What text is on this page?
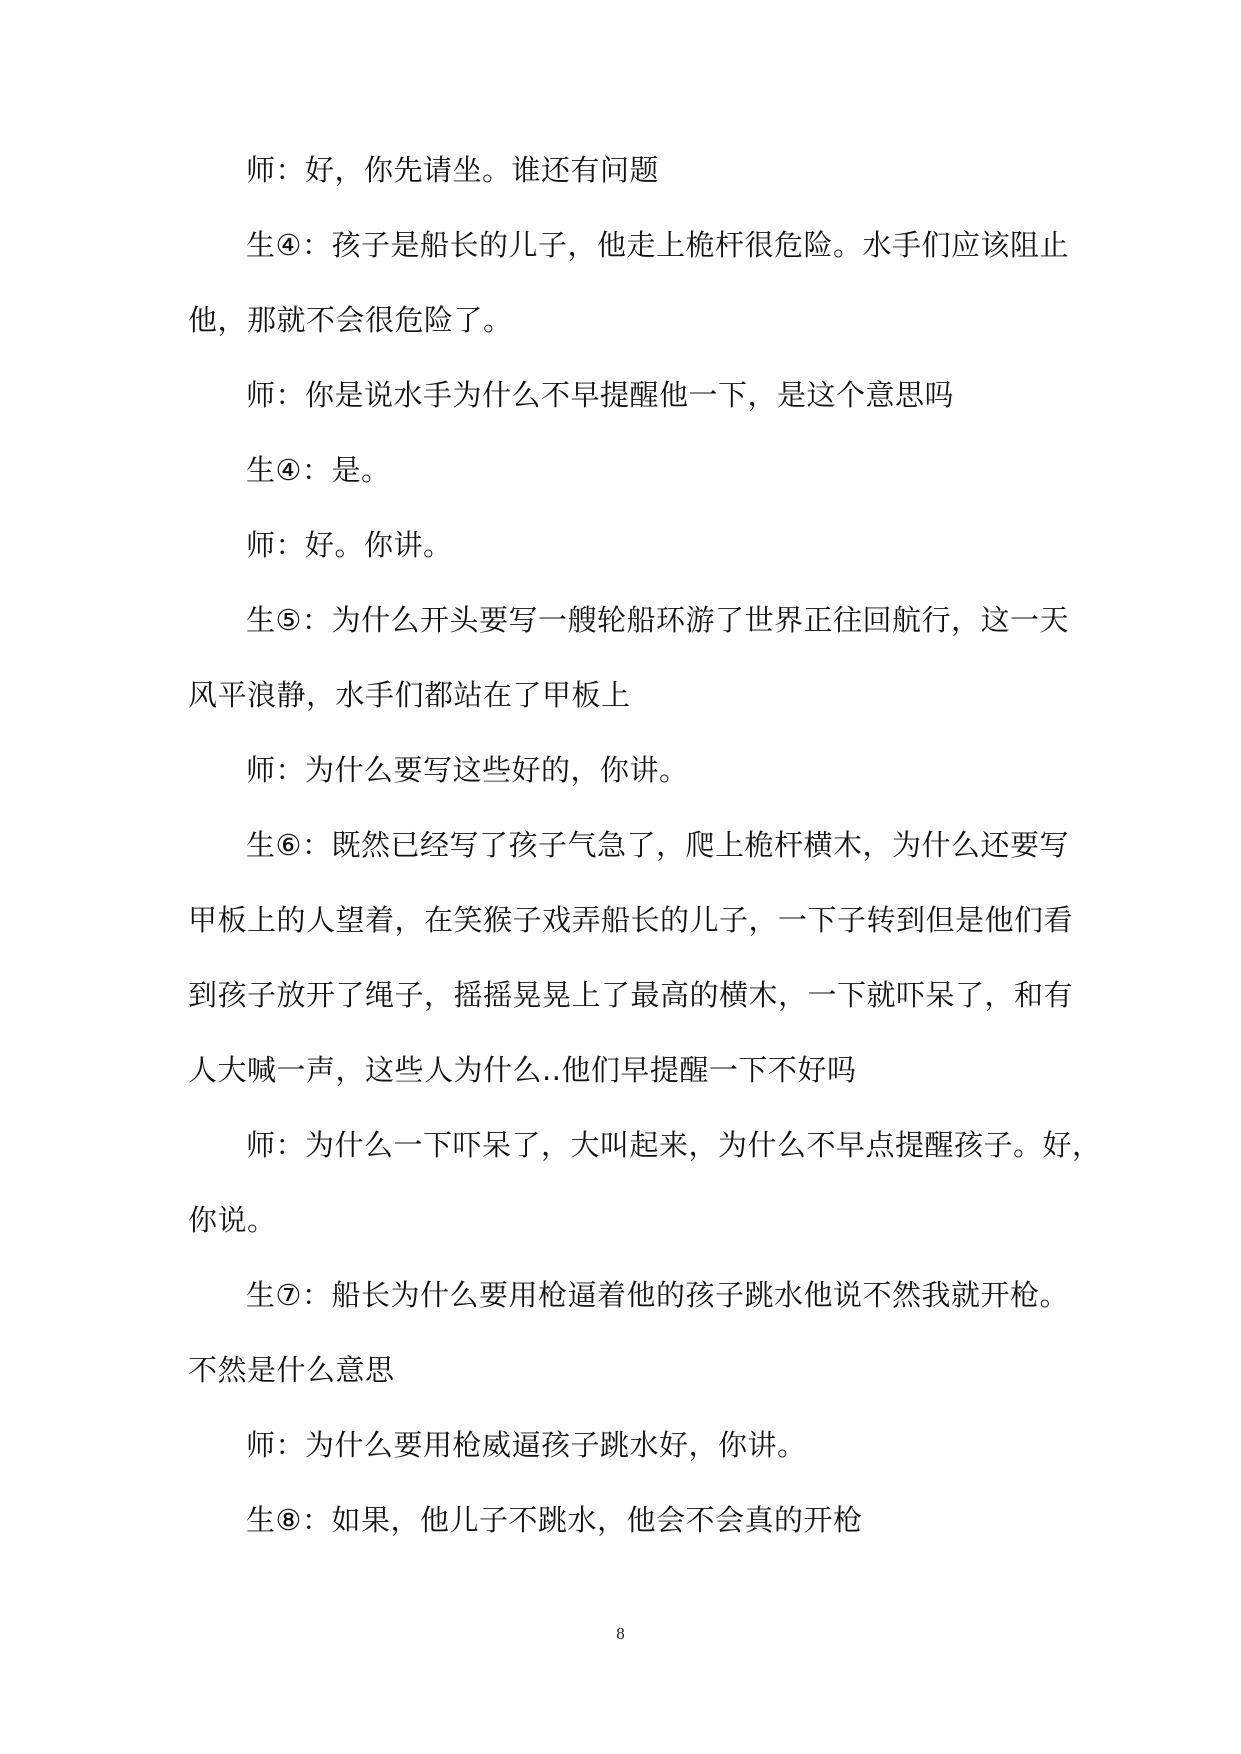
师：好，你先请坐。谁还有问题
生④：孩子是船长的儿子，他走上桅杆很危险。水手们应该阻止
他，那就不会很危险了。
师：你是说水手为什么不早提醒他一下，是这个意思吗
生④：是。
师：好。你讲。
生⑤：为什么开头要写一艘轮船环游了世界正往回航行，这一天
风平浪静，水手们都站在了甲板上
师：为什么要写这些好的，你讲。
生⑥：既然已经写了孩子气急了，爬上桅杆横木，为什么还要写
甲板上的人望着，在笑猴子戏弄船长的儿子，一下子转到但是他们看
到孩子放开了绳子，摇摇晃晃上了最高的横木，一下就吓呆了，和有
人大喊一声，这些人为什么..他们早提醒一下不好吗
师：为什么一下吓呆了，大叫起来，为什么不早点提醒孩子。好，
你说。
生⑦：船长为什么要用枪逼着他的孩子跳水他说不然我就开枪。
不然是什么意思
师：为什么要用枪威逼孩子跳水好，你讲。
生⑧：如果，他儿子不跳水，他会不会真的开枪
8
